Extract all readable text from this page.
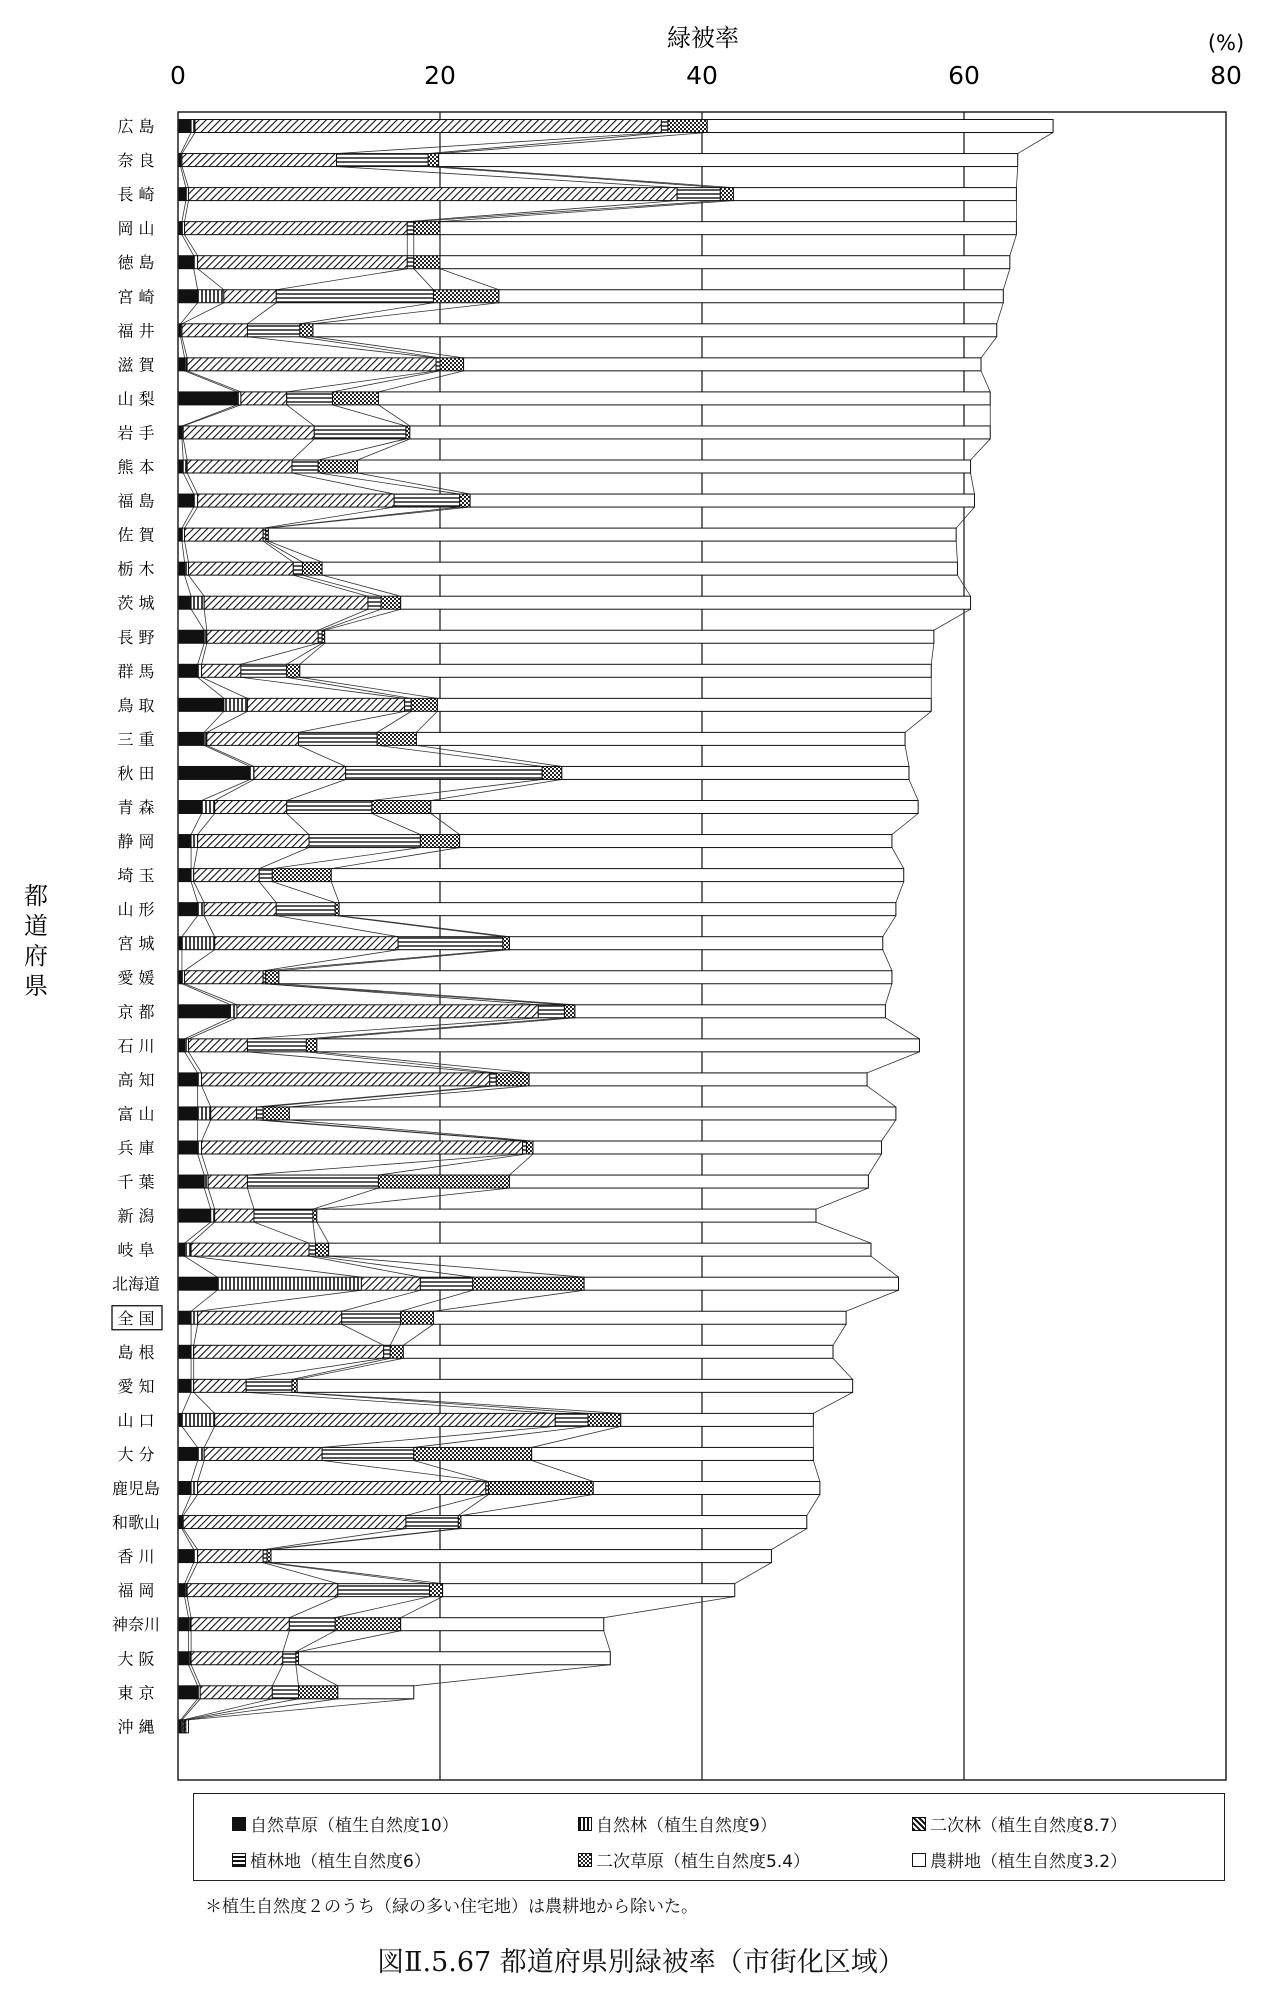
緑被率	(%)
0	20	40	60	80
広 島
奈 良
長 崎
岡 山
徳 島
宮 崎
福 井
滋 賀
山 梨
岩 手
熊 本
福 島
佐 賀
栃 木
茨 城
長 野
群 馬
鳥 取
三 重
秋 田
青 森
静 岡
埼 玉
山 形
宮 城
愛 媛
京 都
石 川
高 知
富 山
兵 庫
千 葉
新 潟
岐 阜
北海道
全 国
島 根
愛 知
山 口
大 分
鹿児島
和歌山
香 川
福 岡
神奈川
大 阪
東 京
沖 縄
都道府県
自然草原（植生自然度10）	自然林（植生自然度9）	二次林（植生自然度8.7）
植林地（植生自然度6）	二次草原（植生自然度5.4）	農耕地（植生自然度3.2）
＊植生自然度２のうち（緑の多い住宅地）は農耕地から除いた。
図Ⅱ.5.67 都道府県別緑被率（市街化区域）
